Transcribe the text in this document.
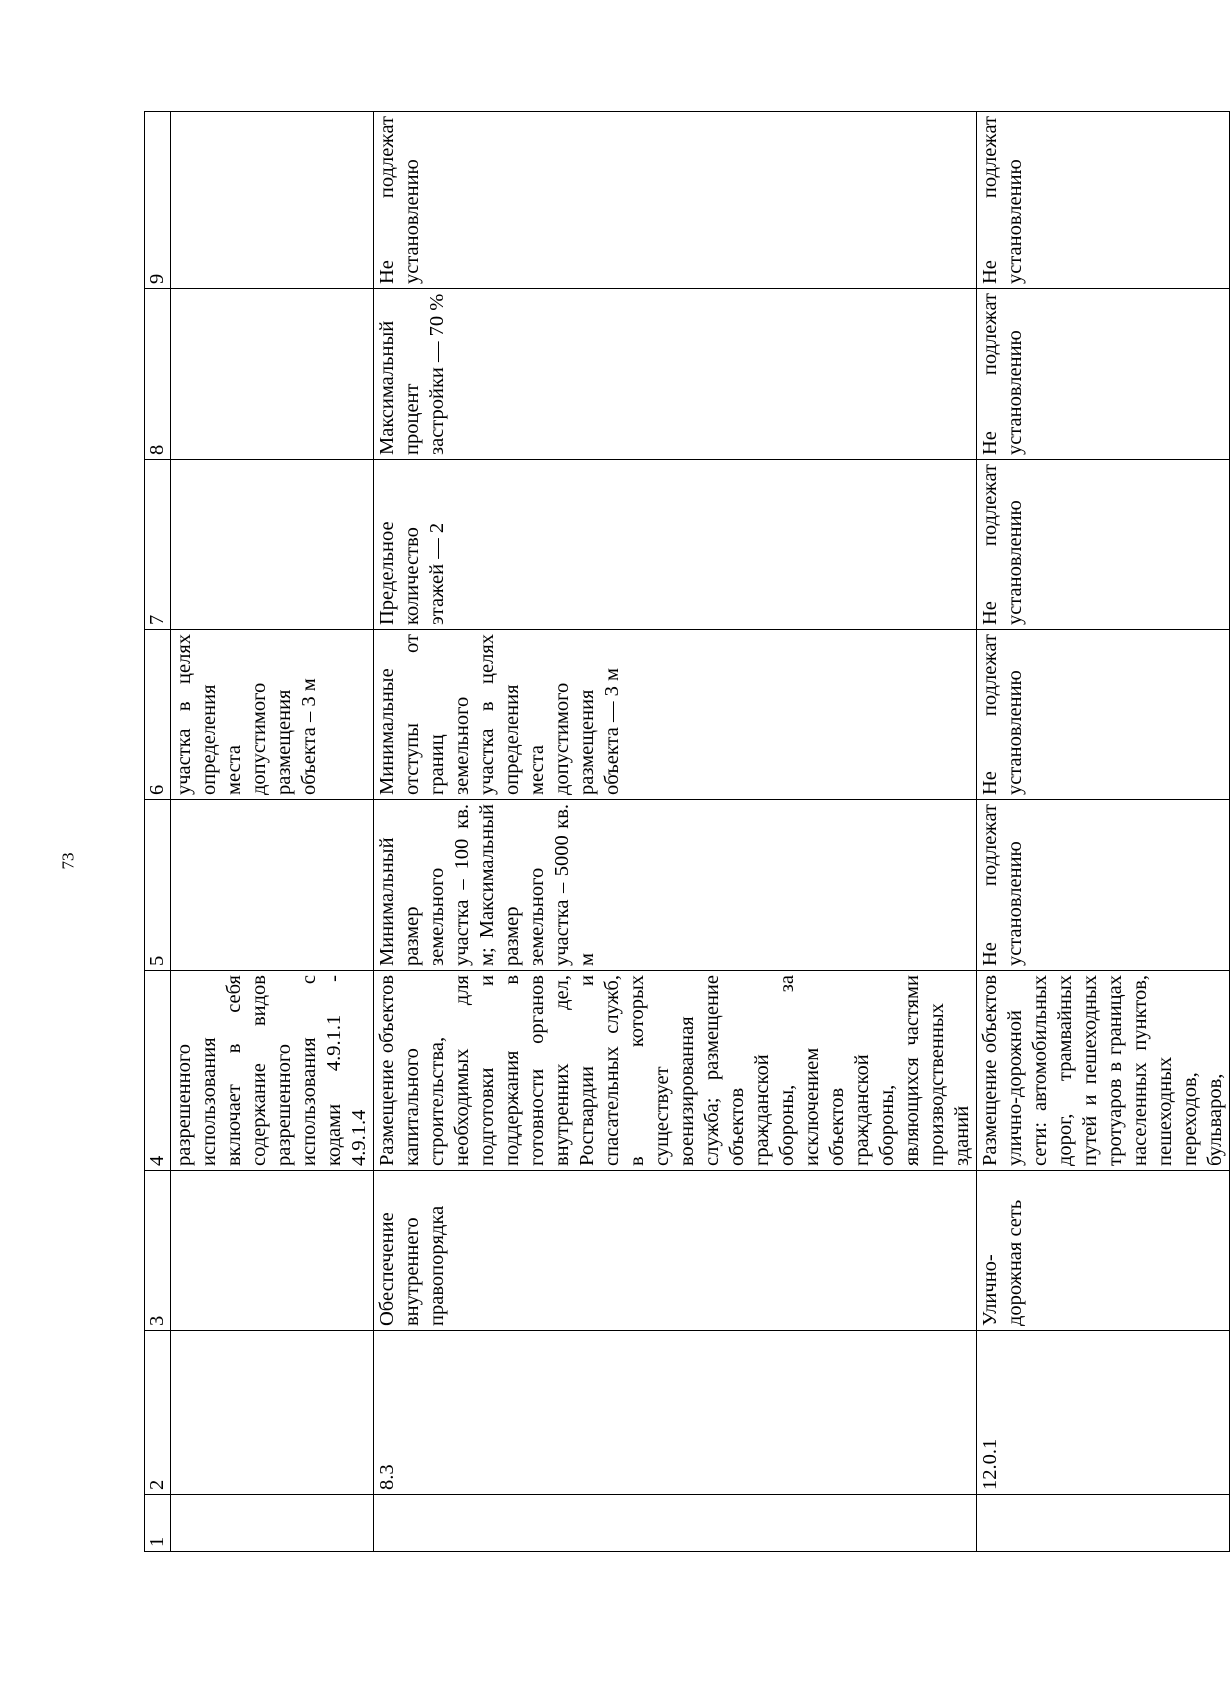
73
1	2	3	4	5	6	7	8	9
			разрешенного использования включает в себя содержание видов разрешенного использования с кодами 4.9.1.1 - 4.9.1.4		участка в целях определения места допустимого размещения объекта – 3 м			
	8.3	Обеспечение внутреннего правопорядка	Размещение объектов капитального строительства, необходимых для подготовки и поддержания в готовности органов внутренних дел, Росгвардии и спасательных служб, в которых существует военизированная служба; размещение объектов гражданской обороны, за исключением объектов гражданской обороны, являющихся частями производственных зданий	Минимальный размер земельного участка – 100 кв. м; Максимальный размер земельного участка – 5000 кв. м	Минимальные отступы от границ земельного участка в целях определения места допустимого размещения объекта — 3 м	Предельное количество этажей — 2	Максимальный процент застройки — 70 %	Не подлежат установлению
	12.0.1	Улично-дорожная сеть	Размещение объектов улично-дорожной сети: автомобильных дорог, трамвайных путей и пешеходных тротуаров в границах населенных пунктов, пешеходных переходов, бульваров,	Не подлежат установлению	Не подлежат установлению	Не подлежат установлению	Не подлежат установлению	Не подлежат установлению
